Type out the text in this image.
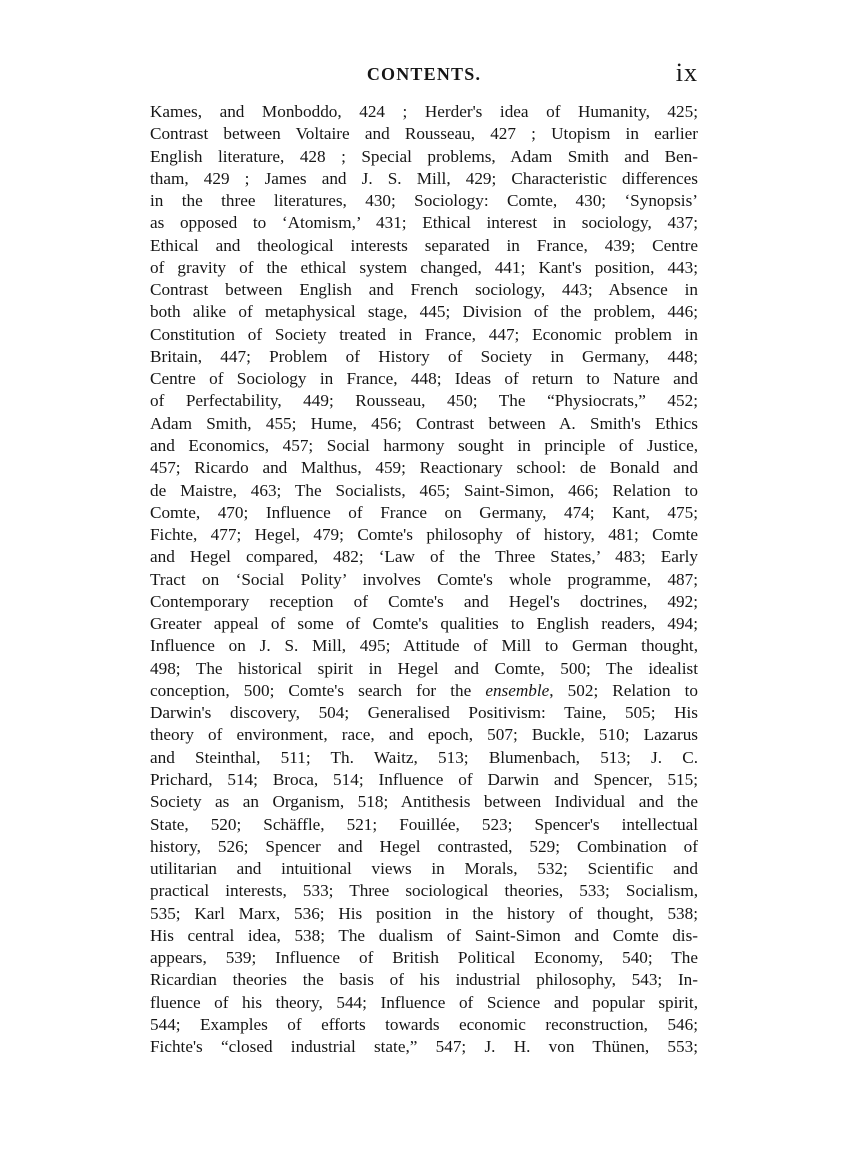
CONTENTS.	ix
Kames, and Monboddo, 424 ; Herder's idea of Humanity, 425;
Contrast between Voltaire and Rousseau, 427 ; Utopism in earlier
English literature, 428 ; Special problems, Adam Smith and Ben-
tham, 429 ; James and J. S. Mill, 429; Characteristic differences
in the three literatures, 430; Sociology: Comte, 430; ‘Synopsis’
as opposed to ‘Atomism,’ 431; Ethical interest in sociology, 437;
Ethical and theological interests separated in France, 439; Centre
of gravity of the ethical system changed, 441; Kant's position, 443;
Contrast between English and French sociology, 443; Absence in
both alike of metaphysical stage, 445; Division of the problem, 446;
Constitution of Society treated in France, 447; Economic problem in
Britain, 447; Problem of History of Society in Germany, 448;
Centre of Sociology in France, 448; Ideas of return to Nature and
of Perfectability, 449; Rousseau, 450; The “Physiocrats,” 452;
Adam Smith, 455; Hume, 456; Contrast between A. Smith's Ethics
and Economics, 457; Social harmony sought in principle of Justice,
457; Ricardo and Malthus, 459; Reactionary school: de Bonald and
de Maistre, 463; The Socialists, 465; Saint-Simon, 466; Relation to
Comte, 470; Influence of France on Germany, 474; Kant, 475;
Fichte, 477; Hegel, 479; Comte's philosophy of history, 481; Comte
and Hegel compared, 482; ‘Law of the Three States,’ 483; Early
Tract on ‘Social Polity’ involves Comte's whole programme, 487;
Contemporary reception of Comte's and Hegel's doctrines, 492;
Greater appeal of some of Comte's qualities to English readers, 494;
Influence on J. S. Mill, 495; Attitude of Mill to German thought,
498; The historical spirit in Hegel and Comte, 500; The idealist
conception, 500; Comte's search for the ensemble, 502; Relation to
Darwin's discovery, 504; Generalised Positivism: Taine, 505; His
theory of environment, race, and epoch, 507; Buckle, 510; Lazarus
and Steinthal, 511; Th. Waitz, 513; Blumenbach, 513; J. C.
Prichard, 514; Broca, 514; Influence of Darwin and Spencer, 515;
Society as an Organism, 518; Antithesis between Individual and the
State, 520; Schäffle, 521; Fouillée, 523; Spencer's intellectual
history, 526; Spencer and Hegel contrasted, 529; Combination of
utilitarian and intuitional views in Morals, 532; Scientific and
practical interests, 533; Three sociological theories, 533; Socialism,
535; Karl Marx, 536; His position in the history of thought, 538;
His central idea, 538; The dualism of Saint-Simon and Comte dis-
appears, 539; Influence of British Political Economy, 540; The
Ricardian theories the basis of his industrial philosophy, 543; In-
fluence of his theory, 544; Influence of Science and popular spirit,
544; Examples of efforts towards economic reconstruction, 546;
Fichte's “closed industrial state,” 547; J. H. von Thünen, 553;
